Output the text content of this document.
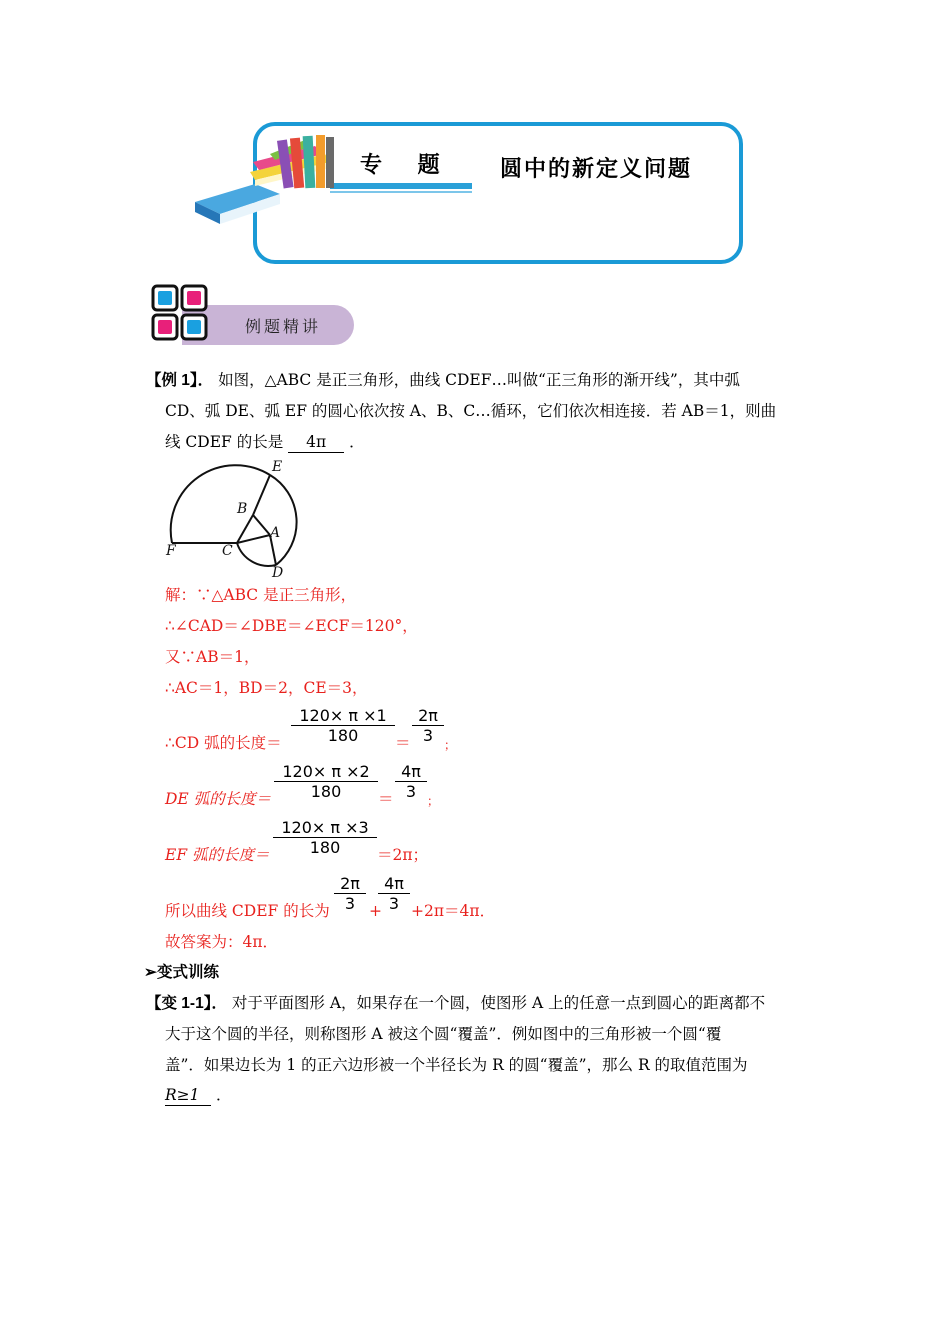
专 题 圆中的新定义问题
例题精讲
【例 1】． 如图，△ABC 是正三角形，曲线 CDEF…叫做“正三角形的渐开线”，其中弧
CD、弧 DE、弧 EF 的圆心依次按 A、B、C…循环，它们依次相连接．若 AB＝1，则曲
线 CDEF 的长是 4π ．
E
B
A
F	C
D
解：∵△ABC 是正三角形，
∴∠CAD＝∠DBE＝∠ECF＝120°，
又∵AB＝1，
∴AC＝1，BD＝2，CE＝3，
∴CD 弧的长度＝ $\frac{120\times \pi \times 1}{180} = \frac{2\pi}{3}$ ；
DE 弧的长度＝ $\frac{120\times \pi \times 2}{180} = \frac{4\pi}{3}$ ；
EF 弧的长度＝ $\frac{120\times \pi \times 3}{180} =2\pi$；
所以曲线 CDEF 的长为 $\frac{2\pi}{3}$ +
$\frac{4\pi}{3} +2\pi=4\pi$．
故答案为：4π．
➢变式训练
【变 1-1】． 对于平面图形 A，如果存在一个圆，使图形 A 上的任意一点到圆心的距离都不
大于这个圆的半径，则称图形 A 被这个圆“覆盖”．例如图中的三角形被一个圆“覆
盖”．如果边长为 1 的正六边形被一个半径长为 R 的圆“覆盖”，那么 R 的取值范围为
R≥1 ．
